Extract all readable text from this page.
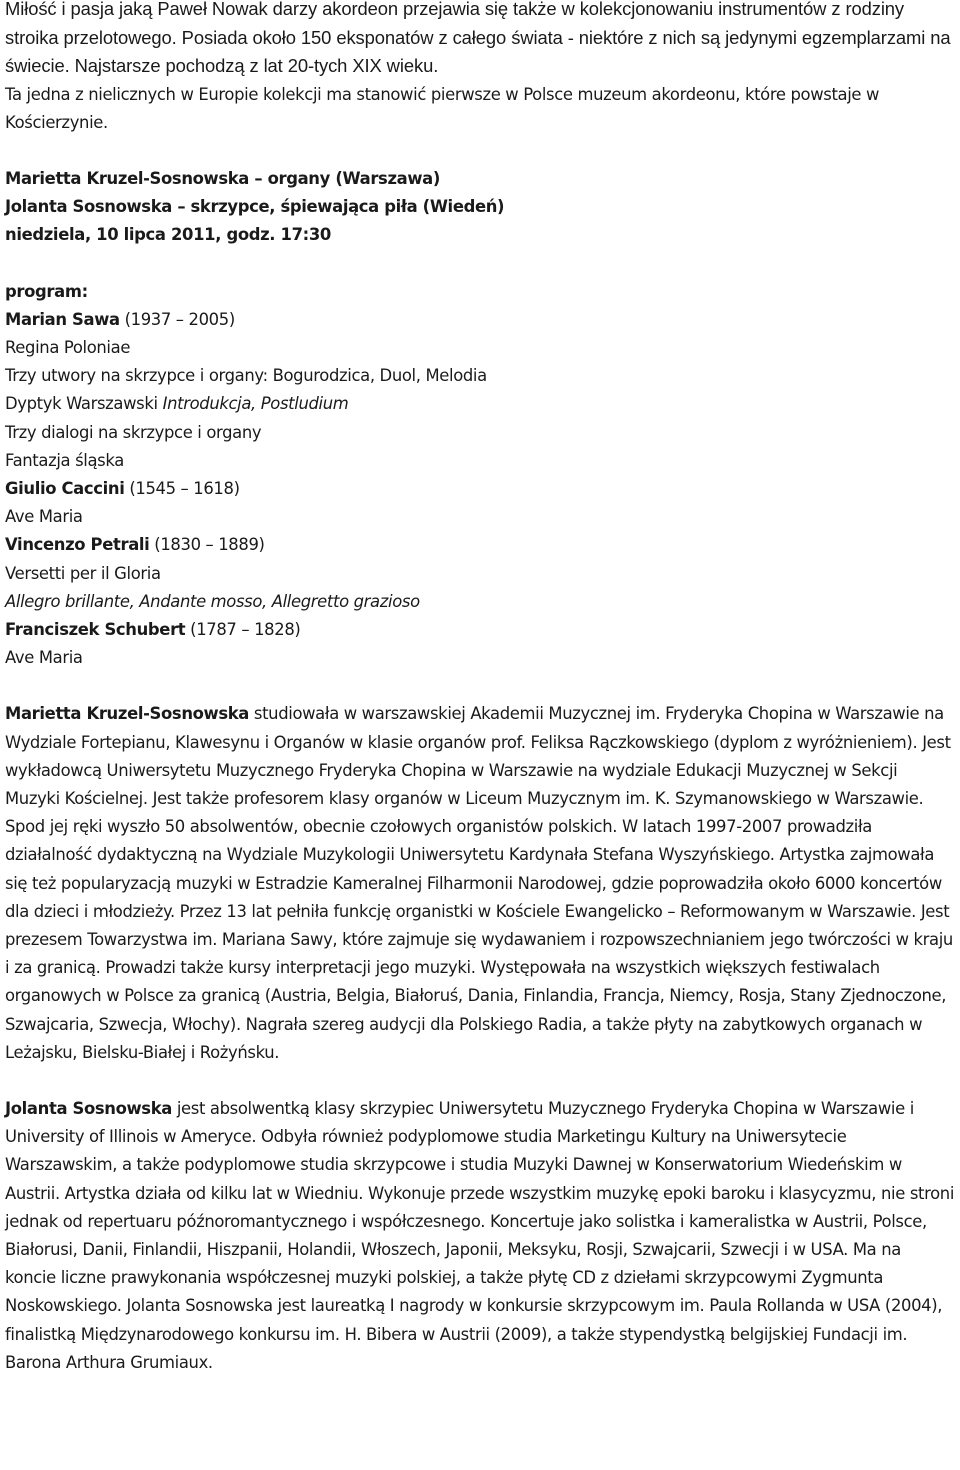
Miłość i pasja jaką Paweł Nowak darzy akordeon przejawia się także w kolekcjonowaniu instrumentów z rodziny stroika przelotowego. Posiada około 150 eksponatów z całego świata - niektóre z nich są jedynymi egzemplarzami na świecie. Najstarsze pochodzą z lat 20-tych XIX wieku.

Ta jedna z nielicznych w Europie kolekcji ma stanowić pierwsze w Polsce muzeum akordeonu, które powstaje w Kościerzynie.

Marietta Kruzel-Sosnowska – organy (Warszawa)
Jolanta Sosnowska – skrzypce, śpiewająca piła (Wiedeń)
niedziela, 10 lipca 2011, godz. 17:30
program:
Marian Sawa (1937 – 2005)
Regina Poloniae
Trzy utwory na skrzypce i organy: Bogurodzica, Duol, Melodia
Dyptyk Warszawski Introdukcja, Postludium
Trzy dialogi na skrzypce i organy
Fantazja śląska
Giulio Caccini (1545 – 1618)
Ave Maria
Vincenzo Petrali (1830 – 1889)
Versetti per il Gloria
Allegro brillante, Andante mosso, Allegretto grazioso
Franciszek Schubert (1787 – 1828)
Ave Maria

Marietta Kruzel-Sosnowska studiowała w warszawskiej Akademii Muzycznej im. Fryderyka Chopina w Warszawie na Wydziale Fortepianu, Klawesynu i Organów w klasie organów prof. Feliksa Rączkowskiego (dyplom z wyróżnieniem). Jest wykładowcą Uniwersytetu Muzycznego Fryderyka Chopina w Warszawie na wydziale Edukacji Muzycznej w Sekcji Muzyki Kościelnej. Jest także profesorem klasy organów w Liceum Muzycznym im. K. Szymanowskiego w Warszawie. Spod jej ręki wyszło 50 absolwentów, obecnie czołowych organistów polskich. W latach 1997-2007 prowadziła działalność dydaktyczną na Wydziale Muzykologii Uniwersytetu Kardynała Stefana Wyszyńskiego. Artystka zajmowała się też popularyzacją muzyki w Estradzie Kameralnej Filharmonii Narodowej, gdzie poprowadziła około 6000 koncertów dla dzieci i młodzieży. Przez 13 lat pełniła funkcję organistki w Kościele Ewangelicko – Reformowanym w Warszawie. Jest prezesem Towarzystwa im. Mariana Sawy, które zajmuje się wydawaniem i rozpowszechnianiem jego twórczości w kraju i za granicą. Prowadzi także kursy interpretacji jego muzyki. Występowała na wszystkich większych festiwalach organowych w Polsce za granicą (Austria, Belgia, Białoruś, Dania, Finlandia, Francja, Niemcy, Rosja, Stany Zjednoczone, Szwajcaria, Szwecja, Włochy). Nagrała szereg audycji dla Polskiego Radia, a także płyty na zabytkowych organach w Leżajsku, Bielsku-Białej i Rożyńsku.

Jolanta Sosnowska jest absolwentką klasy skrzypiec Uniwersytetu Muzycznego Fryderyka Chopina w Warszawie i University of Illinois w Ameryce. Odbyła również podyplomowe studia Marketingu Kultury na Uniwersytecie Warszawskim, a także podyplomowe studia skrzypcowe i studia Muzyki Dawnej w Konserwatorium Wiedeńskim w Austrii. Artystka działa od kilku lat w Wiedniu. Wykonuje przede wszystkim muzykę epoki baroku i klasycyzmu, nie stroni jednak od repertuaru późnoromantycznego i współczesnego. Koncertuje jako solistka i kameralistka w Austrii, Polsce, Białorusi, Danii, Finlandii, Hiszpanii, Holandii, Włoszech, Japonii, Meksyku, Rosji, Szwajcarii, Szwecji i w USA. Ma na koncie liczne prawykonania współczesnej muzyki polskiej, a także płytę CD z dziełami skrzypcowymi Zygmunta Noskowskiego. Jolanta Sosnowska jest laureatką I nagrody w konkursie skrzypcowym im. Paula Rollanda w USA (2004), finalistką Międzynarodowego konkursu im. H. Bibera w Austrii (2009), a także stypendystką belgijskiej Fundacji im. Barona Arthura Grumiaux.
